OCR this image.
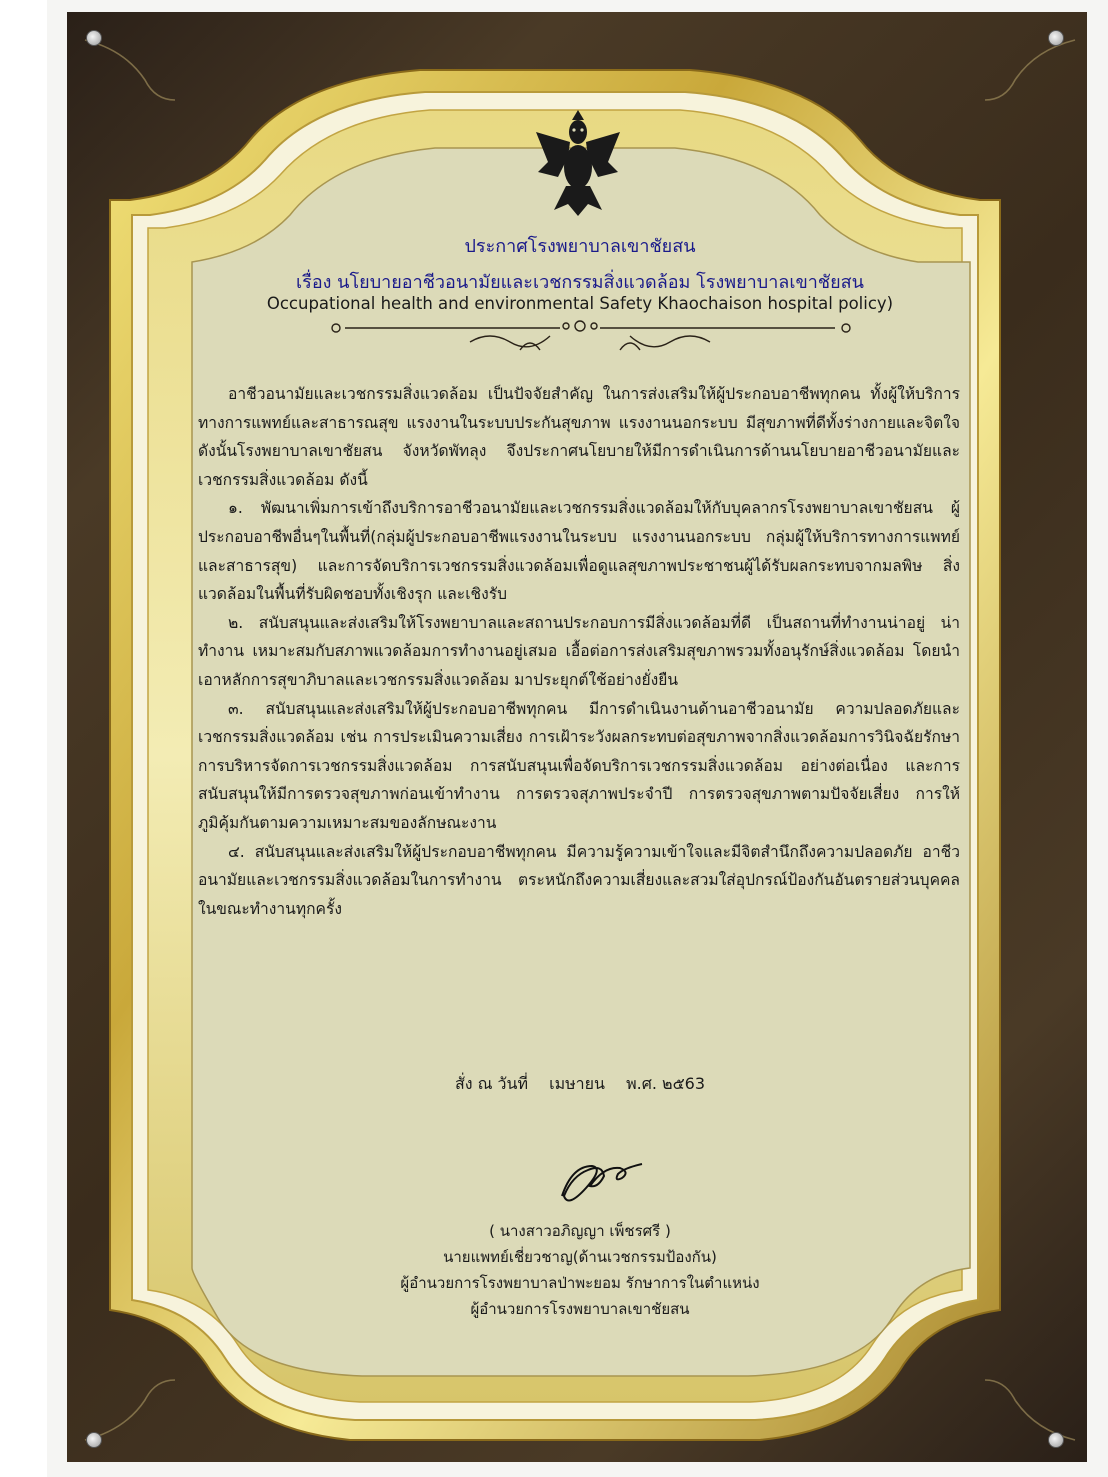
ประกาศโรงพยาบาลเขาชัยสน
เรื่อง นโยบายอาชีวอนามัยและเวชกรรมสิ่งแวดล้อม โรงพยาบาลเขาชัยสน
Occupational health and environmental Safety Khaochaison hospital policy)

อาชีวอนามัยและเวชกรรมสิ่งแวดล้อม เป็นปัจจัยสำคัญ ในการส่งเสริมให้ผู้ประกอบอาชีพทุกคน ทั้งผู้ให้บริการทางการแพทย์และสาธารณสุข แรงงานในระบบประกันสุขภาพ แรงงานนอกระบบ มีสุขภาพที่ดีทั้งร่างกายและจิตใจ ดังนั้นโรงพยาบาลเขาชัยสน จังหวัดพัทลุง จึงประกาศนโยบายให้มีการดำเนินการด้านนโยบายอาชีวอนามัยและเวชกรรมสิ่งแวดล้อม ดังนี้

๑. พัฒนาเพิ่มการเข้าถึงบริการอาชีวอนามัยและเวชกรรมสิ่งแวดล้อมให้กับบุคลากรโรงพยาบาลเขาชัยสน ผู้ประกอบอาชีพอื่นๆในพื้นที่(กลุ่มผู้ประกอบอาชีพแรงงานในระบบ แรงงานนอกระบบ กลุ่มผู้ให้บริการทางการแพทย์และสาธารสุข) และการจัดบริการเวชกรรมสิ่งแวดล้อมเพื่อดูแลสุขภาพประชาชนผู้ได้รับผลกระทบจากมลพิษ สิ่งแวดล้อมในพื้นที่รับผิดชอบทั้งเชิงรุก และเชิงรับ

๒. สนับสนุนและส่งเสริมให้โรงพยาบาลและสถานประกอบการมีสิ่งแวดล้อมที่ดี เป็นสถานที่ทำงานน่าอยู่ น่าทำงาน เหมาะสมกับสภาพแวดล้อมการทำงานอยู่เสมอ เอื้อต่อการส่งเสริมสุขภาพรวมทั้งอนุรักษ์สิ่งแวดล้อม โดยนำเอาหลักการสุขาภิบาลและเวชกรรมสิ่งแวดล้อม มาประยุกต์ใช้อย่างยั่งยืน

๓. สนับสนุนและส่งเสริมให้ผู้ประกอบอาชีพทุกคน มีการดำเนินงานด้านอาชีวอนามัย ความปลอดภัยและเวชกรรมสิ่งแวดล้อม เช่น การประเมินความเสี่ยง การเฝ้าระวังผลกระทบต่อสุขภาพจากสิ่งแวดล้อมการวินิจฉัยรักษา การบริหารจัดการเวชกรรมสิ่งแวดล้อม การสนับสนุนเพื่อจัดบริการเวชกรรมสิ่งแวดล้อม อย่างต่อเนื่อง และการสนับสนุนให้มีการตรวจสุขภาพก่อนเข้าทำงาน การตรวจสุภาพประจำปี การตรวจสุขภาพตามปัจจัยเสี่ยง การให้ภูมิคุ้มกันตามความเหมาะสมของลักษณะงาน

๔. สนับสนุนและส่งเสริมให้ผู้ประกอบอาชีพทุกคน มีความรู้ความเข้าใจและมีจิตสำนึกถึงความปลอดภัย อาชีวอนามัยและเวชกรรมสิ่งแวดล้อมในการทำงาน ตระหนักถึงความเสี่ยงและสวมใส่อุปกรณ์ป้องกันอันตรายส่วนบุคคล ในขณะทำงานทุกครั้ง

สั่ง ณ วันที่ เมษายน พ.ศ. ๒๕63
( นางสาวอภิญญา เพ็ชรศรี )
นายแพทย์เชี่ยวชาญ(ด้านเวชกรรมป้องกัน)
ผู้อำนวยการโรงพยาบาลป่าพะยอม รักษาการในตำแหน่ง
ผู้อำนวยการโรงพยาบาลเขาชัยสน
